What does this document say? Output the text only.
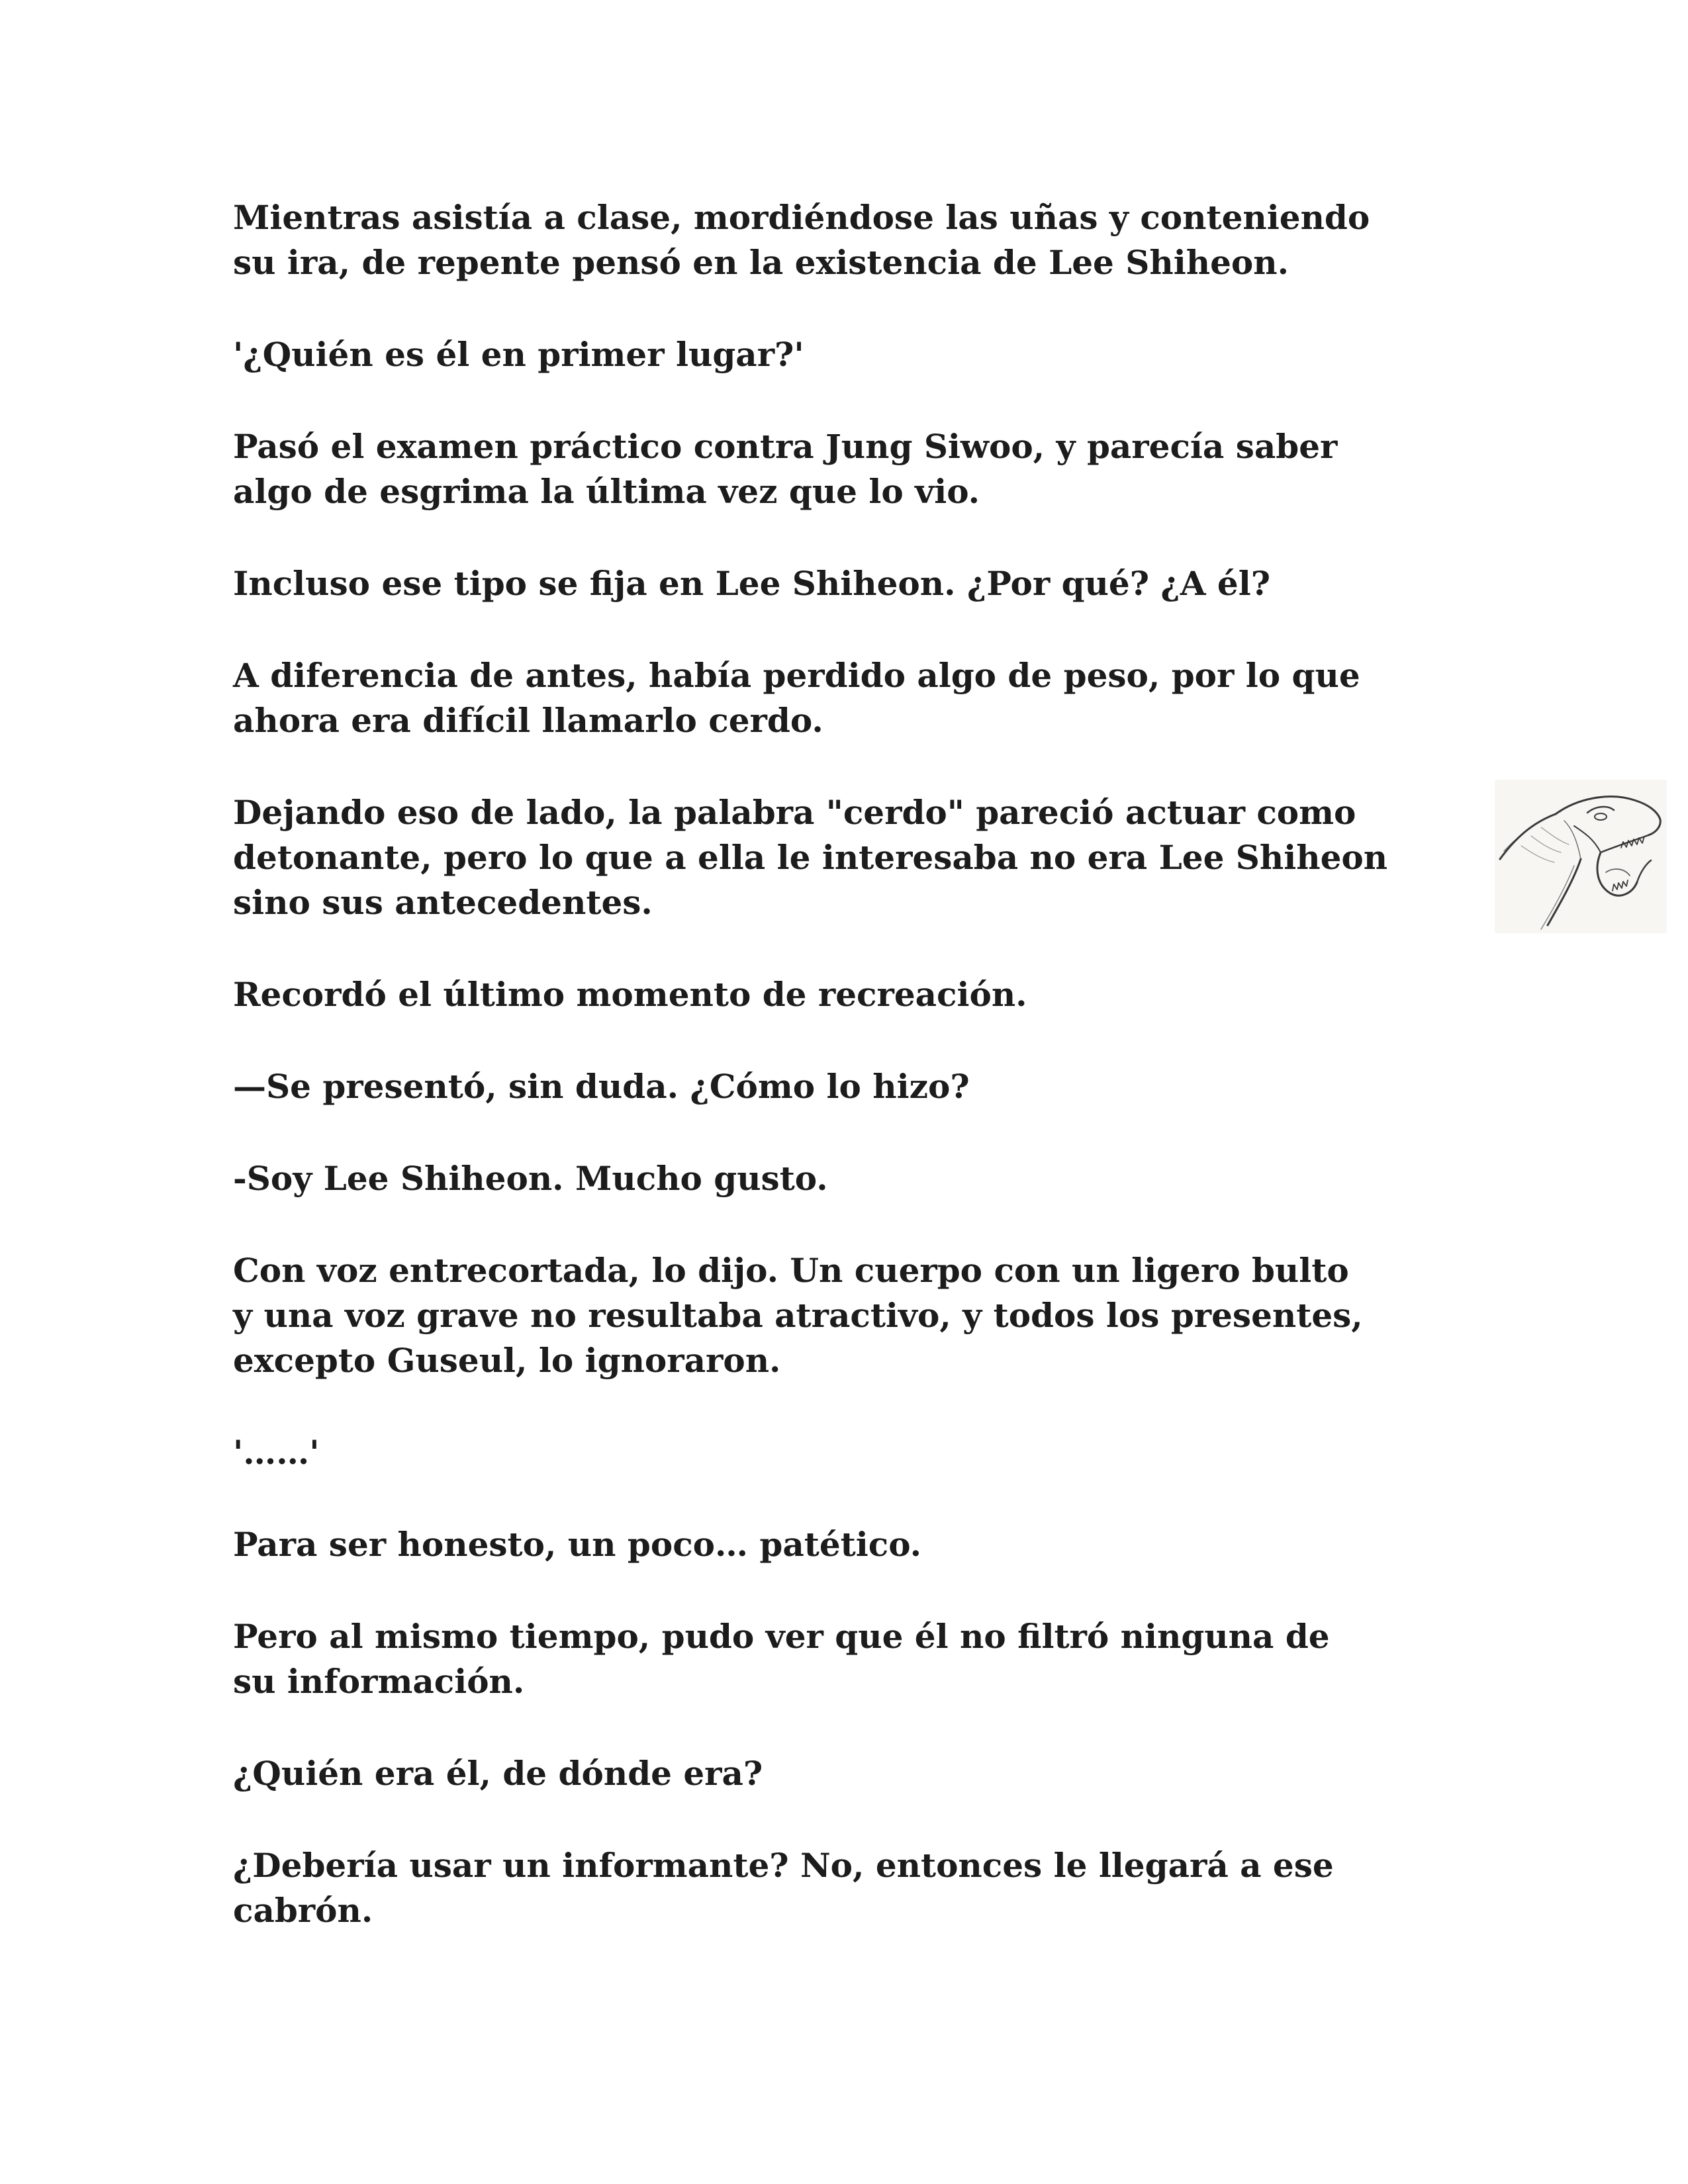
Mientras asistía a clase, mordiéndose las uñas y conteniendo
su ira, de repente pensó en la existencia de Lee Shiheon.

'¿Quién es él en primer lugar?'

Pasó el examen práctico contra Jung Siwoo, y parecía saber
algo de esgrima la última vez que lo vio.

Incluso ese tipo se fija en Lee Shiheon. ¿Por qué? ¿A él?

A diferencia de antes, había perdido algo de peso, por lo que
ahora era difícil llamarlo cerdo.

Dejando eso de lado, la palabra "cerdo" pareció actuar como
detonante, pero lo que a ella le interesaba no era Lee Shiheon
sino sus antecedentes.

Recordó el último momento de recreación.

—Se presentó, sin duda. ¿Cómo lo hizo?

-Soy Lee Shiheon. Mucho gusto.

Con voz entrecortada, lo dijo. Un cuerpo con un ligero bulto
y una voz grave no resultaba atractivo, y todos los presentes,
excepto Guseul, lo ignoraron.

'……'

Para ser honesto, un poco… patético.

Pero al mismo tiempo, pudo ver que él no filtró ninguna de
su información.

¿Quién era él, de dónde era?

¿Debería usar un informante? No, entonces le llegará a ese
cabrón.
